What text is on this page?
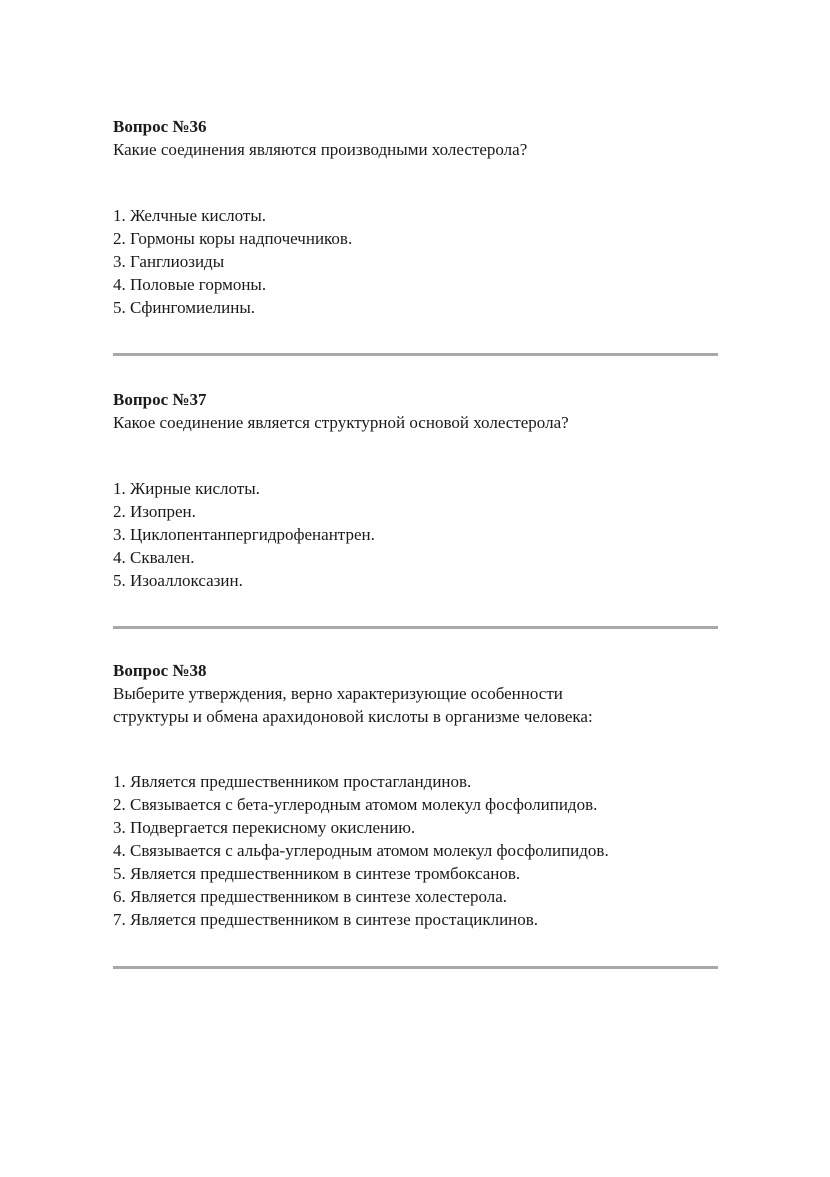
Вопрос №36

Какие соединения являются производными холестерола?

1. Желчные кислоты.
2. Гормоны коры надпочечников.
3. Ганглиозиды
4. Половые гормоны.
5. Сфингомиелины.

Вопрос №37

Какое соединение является структурной основой холестерола?

1. Жирные кислоты.
2. Изопрен.
3. Циклопентанпергидрофенантрен.
4. Сквален.
5. Изоаллоксазин.

Вопрос №38

Выберите утверждения, верно характеризующие особенности

структуры и обмена арахидоновой кислоты в организме человека:

1. Является предшественником простагландинов.
2. Связывается с бета-углеродным атомом молекул фосфолипидов.
3. Подвергается перекисному окислению.
4. Связывается с альфа-углеродным атомом молекул фосфолипидов.
5. Является предшественником в синтезе тромбоксанов.
6. Является предшественником в синтезе холестерола.
7. Является предшественником в синтезе простациклинов.
